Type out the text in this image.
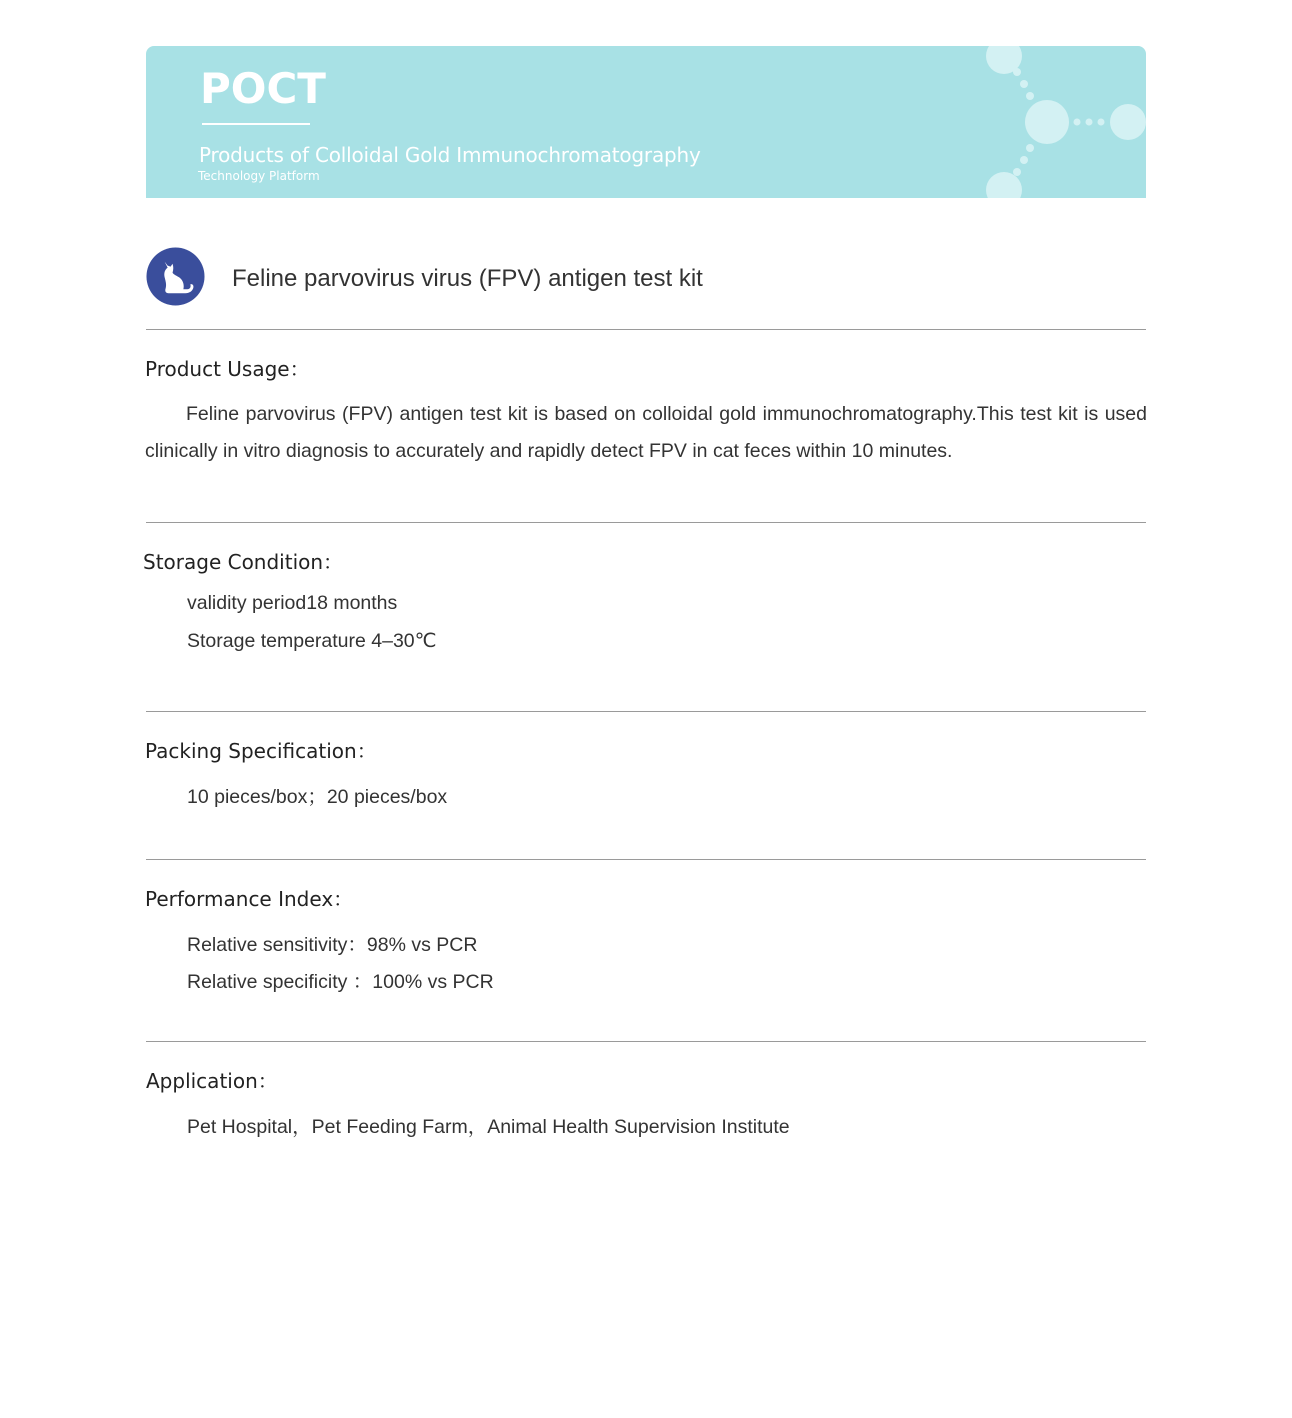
POCT
Products of Colloidal Gold Immunochromatography
Technology Platform
Feline parvovirus virus (FPV) antigen test kit
Product Usage：
Feline parvovirus (FPV) antigen test kit is based on colloidal gold immunochromatography.This test kit is used clinically in vitro diagnosis to accurately and rapidly detect FPV in cat feces within 10 minutes.
Storage Condition：
validity period18 months
Storage temperature 4–30℃
Packing Specification：
10 pieces/box；20 pieces/box
Performance Index：
Relative sensitivity：98% vs PCR
Relative specificity ：100% vs PCR
Application：
Pet Hospital，Pet Feeding Farm，Animal Health Supervision Institute
